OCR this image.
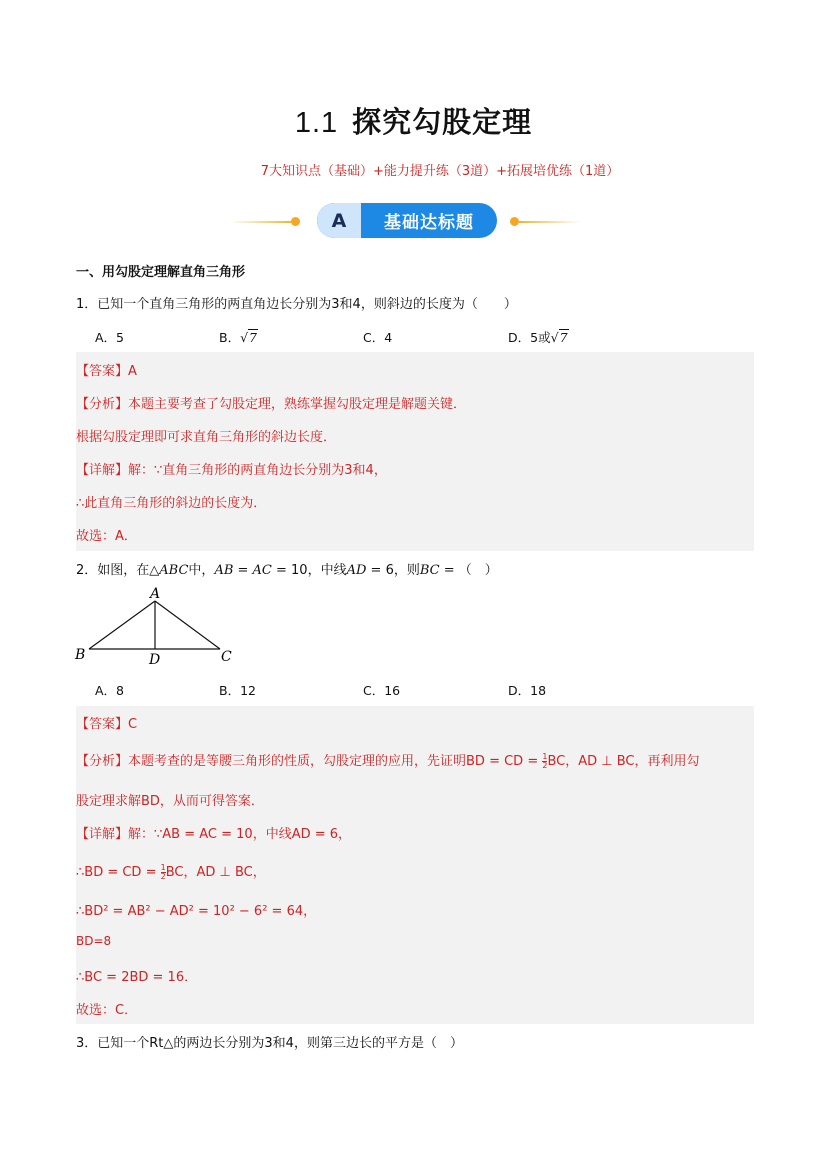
1.1 探究勾股定理
7大知识点（基础）+能力提升练（3道）+拓展培优练（1道）
A	基础达标题
一、用勾股定理解直角三角形
1．已知一个直角三角形的两直角边长分别为3和4，则斜边的长度为（　　）
A．5	B．√7	C．4	D．5或√7
【答案】A
【分析】本题主要考查了勾股定理，熟练掌握勾股定理是解题关键．
根据勾股定理即可求直角三角形的斜边长度．
【详解】解：∵直角三角形的两直角边长分别为3和4，
∴此直角三角形的斜边的长度为．
故选：A．
2．如图，在△ABC中，AB = AC = 10，中线AD = 6，则BC = （　）
A
B	C
D
A．8	B．12	C．16	D．18
【答案】C
【分析】本题考查的是等腰三角形的性质，勾股定理的应用，先证明BD = CD = $\frac{1}{2}$ BC，AD ⊥ BC，再利用勾
股定理求解BD，从而可得答案．
【详解】解：∵AB = AC = 10，中线AD = 6，
∴BD = CD = $\frac{1}{2}$ BC，AD ⊥ BC，
∴BD² = AB² − AD² = 10² − 6² = 64，
BD=8
∴BC = 2BD = 16．
故选：C．
3．已知一个Rt△的两边长分别为3和4，则第三边长的平方是（　）
